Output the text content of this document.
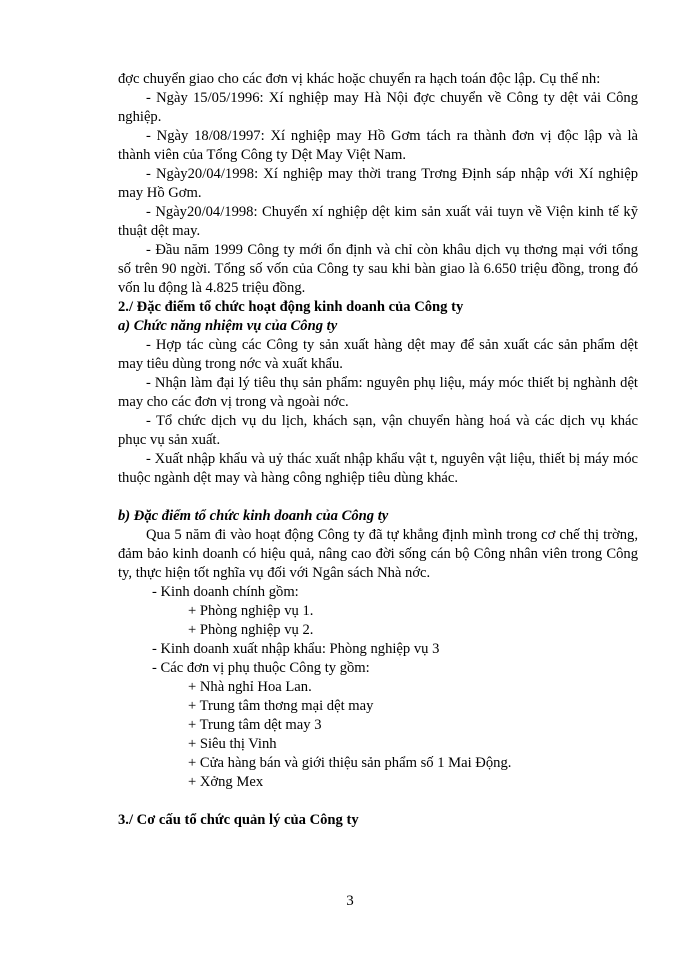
đợc chuyển giao cho các đơn vị khác hoặc chuyển ra hạch toán độc lập. Cụ thể nh:

- Ngày 15/05/1996: Xí nghiệp may Hà Nội đợc chuyển về Công ty dệt vải Công nghiệp.

- Ngày 18/08/1997: Xí nghiệp may Hồ Gơm tách ra thành đơn vị độc lập và là thành viên của Tổng Công ty Dệt May Việt Nam.

- Ngày20/04/1998: Xí nghiệp may thời trang Trơng Định sáp nhập với Xí nghiệp may Hồ Gơm.

- Ngày20/04/1998: Chuyển xí nghiệp dệt kim sản xuất vải tuyn về Viện kinh tế kỹ thuật dệt may.

- Đầu năm 1999 Công ty mới ổn định và chỉ còn khâu dịch vụ thơng mại với tổng số trên 90 ngời. Tổng số vốn của Công ty sau khi bàn giao là 6.650 triệu đồng, trong đó vốn lu động là 4.825 triệu đồng.

2./ Đặc điểm tổ chức hoạt động kinh doanh của Công ty

a) Chức năng nhiệm vụ của Công ty

- Hợp tác cùng các Công ty sản xuất hàng dệt may để sản xuất các sản phẩm dệt may tiêu dùng trong nớc và xuất khẩu.

- Nhận làm đại lý tiêu thụ sản phẩm: nguyên phụ liệu, máy móc thiết bị nghành dệt may cho các đơn vị trong và ngoài nớc.

- Tổ chức dịch vụ du lịch, khách sạn, vận chuyển hàng hoá và các dịch vụ khác phục vụ sản xuất.

- Xuất nhập khẩu và uỷ thác xuất nhập khẩu vật t, nguyên vật liệu, thiết bị máy móc thuộc ngành dệt may và hàng công nghiệp tiêu dùng khác.

b) Đặc điểm tổ chức kinh doanh của Công ty

Qua 5 năm đi vào hoạt động Công ty đã tự khẳng định mình trong cơ chế thị trờng, đảm bảo kinh doanh có hiệu quả, nâng cao đời sống cán bộ Công nhân viên trong Công ty, thực hiện tốt nghĩa vụ đối với Ngân sách Nhà nớc.

- Kinh doanh chính gồm:

+ Phòng nghiệp vụ 1.

+ Phòng nghiệp vụ 2.

- Kinh doanh xuất nhập khẩu: Phòng nghiệp vụ 3

- Các đơn vị phụ thuộc Công ty gồm:

+ Nhà nghỉ Hoa Lan.

+ Trung tâm thơng mại dệt may

+ Trung tâm dệt may 3

+ Siêu thị Vinh

+ Cửa hàng bán và giới thiệu sản phẩm số 1 Mai Động.

+ Xởng Mex

3./ Cơ cấu tổ chức quản lý của Công ty

3
